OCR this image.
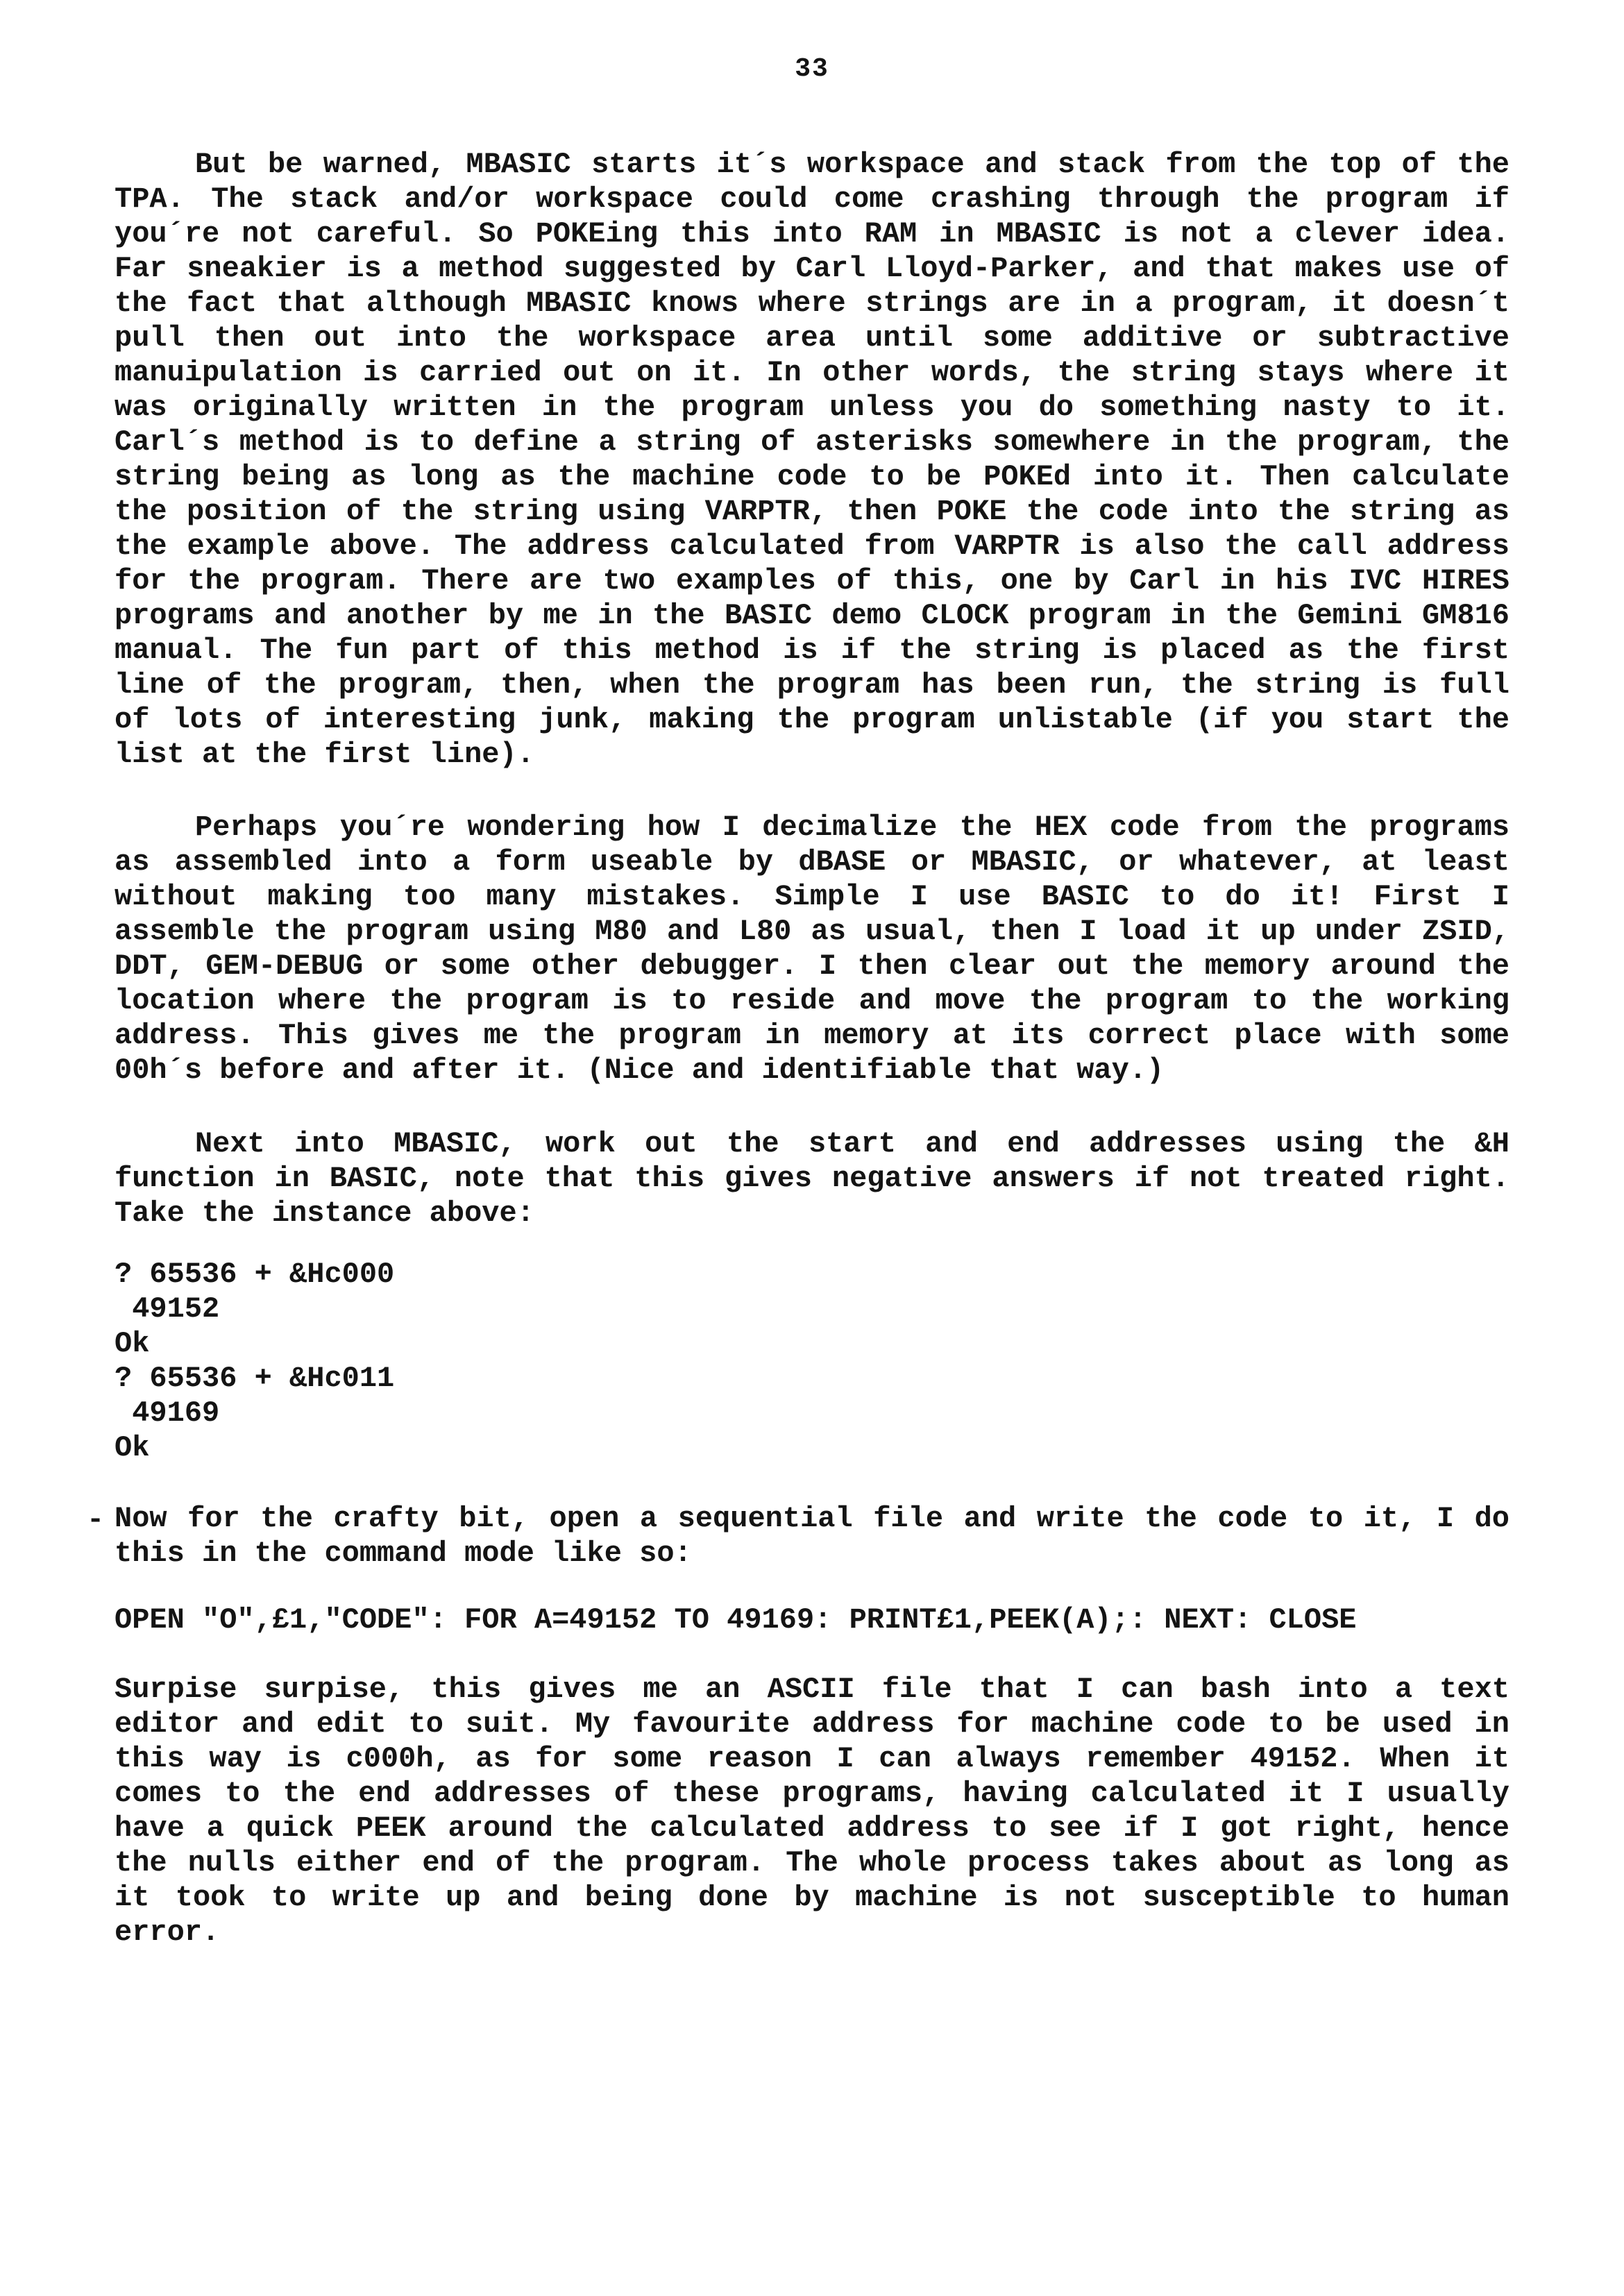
33
But be warned, MBASIC starts it´s workspace and stack from the top of the
TPA. The stack and/or workspace could come crashing through the program if
you´re not careful. So POKEing this into RAM in MBASIC is not a clever idea.
Far sneakier is a method suggested by Carl Lloyd-Parker, and that makes use of
the fact that although MBASIC knows where strings are in a program, it doesn´t
pull then out into the workspace area until some additive or subtractive
manuipulation is carried out on it. In other words, the string stays where it
was originally written in the program unless you do something nasty to it.
Carl´s method is to define a string of asterisks somewhere in the program, the
string being as long as the machine code to be POKEd into it. Then calculate
the position of the string using VARPTR, then POKE the code into the string as
the example above. The address calculated from VARPTR is also the call address
for the program. There are two examples of this, one by Carl in his IVC HIRES
programs and another by me in the BASIC demo CLOCK program in the Gemini GM816
manual. The fun part of this method is if the string is placed as the first
line of the program, then, when the program has been run, the string is full
of lots of interesting junk, making the program unlistable (if you start the
list at the first line).
Perhaps you´re wondering how I decimalize the HEX code from the programs
as assembled into a form useable by dBASE or MBASIC, or whatever, at least
without making too many mistakes. Simple I use BASIC to do it! First I
assemble the program using M80 and L80 as usual, then I load it up under ZSID,
DDT, GEM-DEBUG or some other debugger. I then clear out the memory around the
location where the program is to reside and move the program to the working
address. This gives me the program in memory at its correct place with some
00h´s before and after it. (Nice and identifiable that way.)
Next into MBASIC, work out the start and end addresses using the &H
function in BASIC, note that this gives negative answers if not treated right.
Take the instance above:
? 65536 + &Hc000
49152
Ok
? 65536 + &Hc011
49169
Ok
- Now for the crafty bit, open a sequential file and write the code to it, I do
this in the command mode like so:
OPEN "O",£1,"CODE": FOR A=49152 TO 49169: PRINT£1,PEEK(A);: NEXT: CLOSE
Surpise surpise, this gives me an ASCII file that I can bash into a text
editor and edit to suit. My favourite address for machine code to be used in
this way is c000h, as for some reason I can always remember 49152. When it
comes to the end addresses of these programs, having calculated it I usually
have a quick PEEK around the calculated address to see if I got right, hence
the nulls either end of the program. The whole process takes about as long as
it took to write up and being done by machine is not susceptible to human
error.
